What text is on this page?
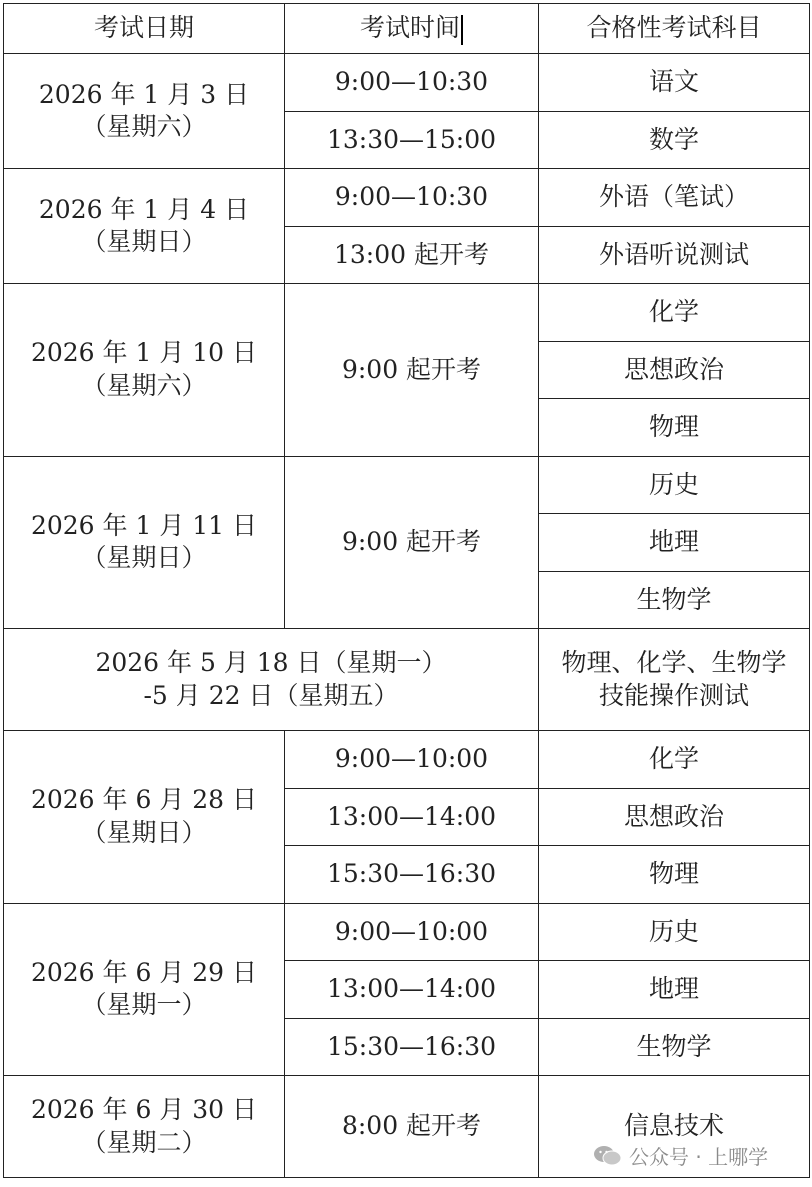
考试日期	考试时间	合格性考试科目

2026 年 1 月 3 日
（星期六）	9:00—10:30	语文
	13:30—15:00	数学

2026 年 1 月 4 日
（星期日）	9:00—10:30	外语（笔试）
	13:00 起开考	外语听说测试

2026 年 1 月 10 日
（星期六）	9:00 起开考	化学
		思想政治
		物理

2026 年 1 月 11 日
（星期日）	9:00 起开考	历史
		地理
		生物学

2026 年 5 月 18 日（星期一）
-5 月 22 日（星期五）		物理、化学、生物学
技能操作测试

2026 年 6 月 28 日
（星期日）	9:00—10:00	化学
	13:00—14:00	思想政治
	15:30—16:30	物理

2026 年 6 月 29 日
（星期一）	9:00—10:00	历史
	13:00—14:00	地理
	15:30—16:30	生物学

2026 年 6 月 30 日
（星期二）	8:00 起开考	信息技术
公众号 · 上哪学
